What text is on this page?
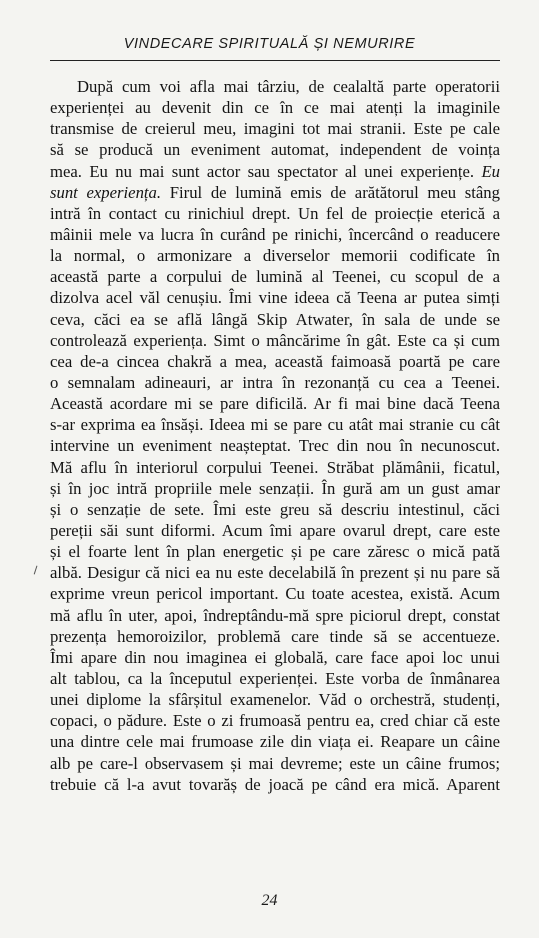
VINDECARE SPIRITUALĂ ȘI NEMURIRE
După cum voi afla mai târziu, de cealaltă parte operatorii
experienței au devenit din ce în ce mai atenți la imaginile
transmise de creierul meu, imagini tot mai stranii. Este pe cale
să se producă un eveniment automat, independent de voința
mea. Eu nu mai sunt actor sau spectator al unei experiențe. Eu
sunt experiența. Firul de lumină emis de arătătorul meu stâng
intră în contact cu rinichiul drept. Un fel de proiecție eterică a
mâinii mele va lucra în curând pe rinichi, încercând o readucere
la normal, o armonizare a diverselor memorii codificate în
această parte a corpului de lumină al Teenei, cu scopul de a
dizolva acel văl cenușiu. Îmi vine ideea că Teena ar putea simți
ceva, căci ea se află lângă Skip Atwater, în sala de unde se
controlează experiența. Simt o mâncărime în gât. Este ca și cum
cea de-a cincea chakră a mea, această faimoasă poartă pe care
o semnalam adineauri, ar intra în rezonanță cu cea a Teenei.
Această acordare mi se pare dificilă. Ar fi mai bine dacă Teena
s-ar exprima ea însăși. Ideea mi se pare cu atât mai stranie cu cât
intervine un eveniment neașteptat. Trec din nou în necunoscut.
Mă aflu în interiorul corpului Teenei. Străbat plămânii, ficatul,
și în joc intră propriile mele senzații. În gură am un gust amar
și o senzație de sete. Îmi este greu să descriu intestinul, căci
pereții săi sunt diformi. Acum îmi apare ovarul drept, care este
și el foarte lent în plan energetic și pe care zăresc o mică pată
albă. Desigur că nici ea nu este decelabilă în prezent și nu pare să
exprime vreun pericol important. Cu toate acestea, există. Acum
mă aflu în uter, apoi, îndreptându-mă spre piciorul drept, constat
prezența hemoroizilor, problemă care tinde să se accentueze.
Îmi apare din nou imaginea ei globală, care face apoi loc unui
alt tablou, ca la începutul experienței. Este vorba de înmânarea
unei diplome la sfârșitul examenelor. Văd o orchestră, studenți,
copaci, o pădure. Este o zi frumoasă pentru ea, cred chiar că este
una dintre cele mai frumoase zile din viața ei. Reapare un câine
alb pe care-l observasem și mai devreme; este un câine frumos;
trebuie că l-a avut tovarăș de joacă pe când era mică. Aparent
24
